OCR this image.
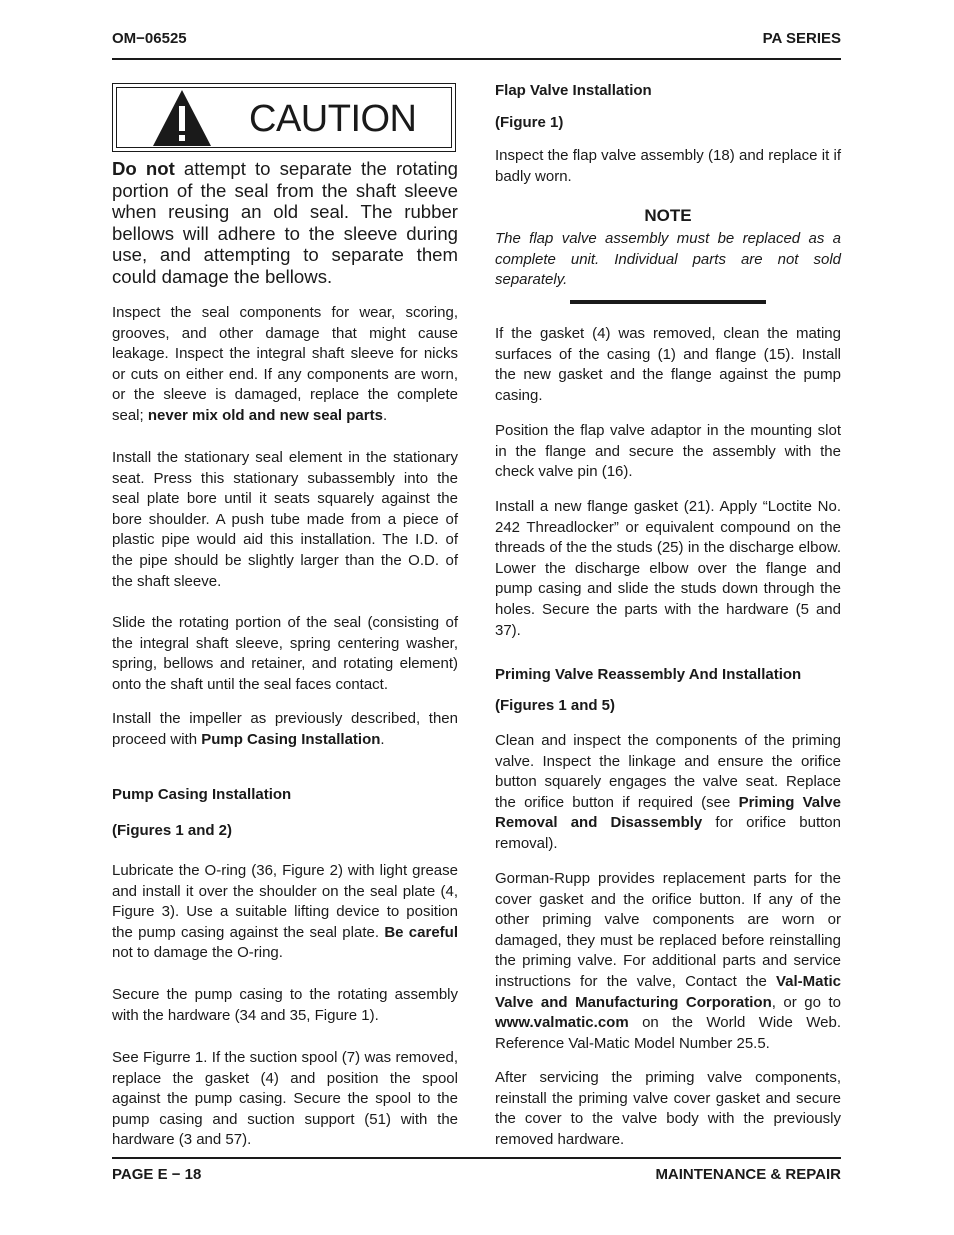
OM−06525	PA SERIES
CAUTION

Do not attempt to separate the rotating portion of the seal from the shaft sleeve when reusing an old seal. The rubber bellows will adhere to the sleeve during use, and attempting to separate them could damage the bellows.

Inspect the seal components for wear, scoring, grooves, and other damage that might cause leakage. Inspect the integral shaft sleeve for nicks or cuts on either end. If any components are worn, or the sleeve is damaged, replace the complete seal; never mix old and new seal parts.

Install the stationary seal element in the stationary seat. Press this stationary subassembly into the seal plate bore until it seats squarely against the bore shoulder. A push tube made from a piece of plastic pipe would aid this installation. The I.D. of the pipe should be slightly larger than the O.D. of the shaft sleeve.

Slide the rotating portion of the seal (consisting of the integral shaft sleeve, spring centering washer, spring, bellows and retainer, and rotating element) onto the shaft until the seal faces contact.

Install the impeller as previously described, then proceed with Pump Casing Installation.

Pump Casing Installation
(Figures 1 and 2)

Lubricate the O-ring (36, Figure 2) with light grease and install it over the shoulder on the seal plate (4, Figure 3). Use a suitable lifting device to position the pump casing against the seal plate. Be careful not to damage the O-ring.

Secure the pump casing to the rotating assembly with the hardware (34 and 35, Figure 1).

See Figurre 1. If the suction spool (7) was removed, replace the gasket (4) and position the spool against the pump casing. Secure the spool to the pump casing and suction support (51) with the hardware (3 and 57).

Flap Valve Installation
(Figure 1)

Inspect the flap valve assembly (18) and replace it if badly worn.

NOTE

The flap valve assembly must be replaced as a complete unit. Individual parts are not sold separately.

If the gasket (4) was removed, clean the mating surfaces of the casing (1) and flange (15). Install the new gasket and the flange against the pump casing.

Position the flap valve adaptor in the mounting slot in the flange and secure the assembly with the check valve pin (16).

Install a new flange gasket (21). Apply “Loctite No. 242 Threadlocker” or equivalent compound on the threads of the the studs (25) in the discharge elbow. Lower the discharge elbow over the flange and pump casing and slide the studs down through the holes. Secure the parts with the hardware (5 and 37).

Priming Valve Reassembly And Installation
(Figures 1 and 5)

Clean and inspect the components of the priming valve. Inspect the linkage and ensure the orifice button squarely engages the valve seat. Replace the orifice button if required (see Priming Valve Removal and Disassembly for orifice button removal).

Gorman-Rupp provides replacement parts for the cover gasket and the orifice button. If any of the other priming valve components are worn or damaged, they must be replaced before reinstalling the priming valve. For additional parts and service instructions for the valve, Contact the Val-Matic Valve and Manufacturing Corporation, or go to www.valmatic.com on the World Wide Web. Reference Val-Matic Model Number 25.5.

After servicing the priming valve components, reinstall the priming valve cover gasket and secure the cover to the valve body with the previously removed hardware.

PAGE E − 18	MAINTENANCE & REPAIR
